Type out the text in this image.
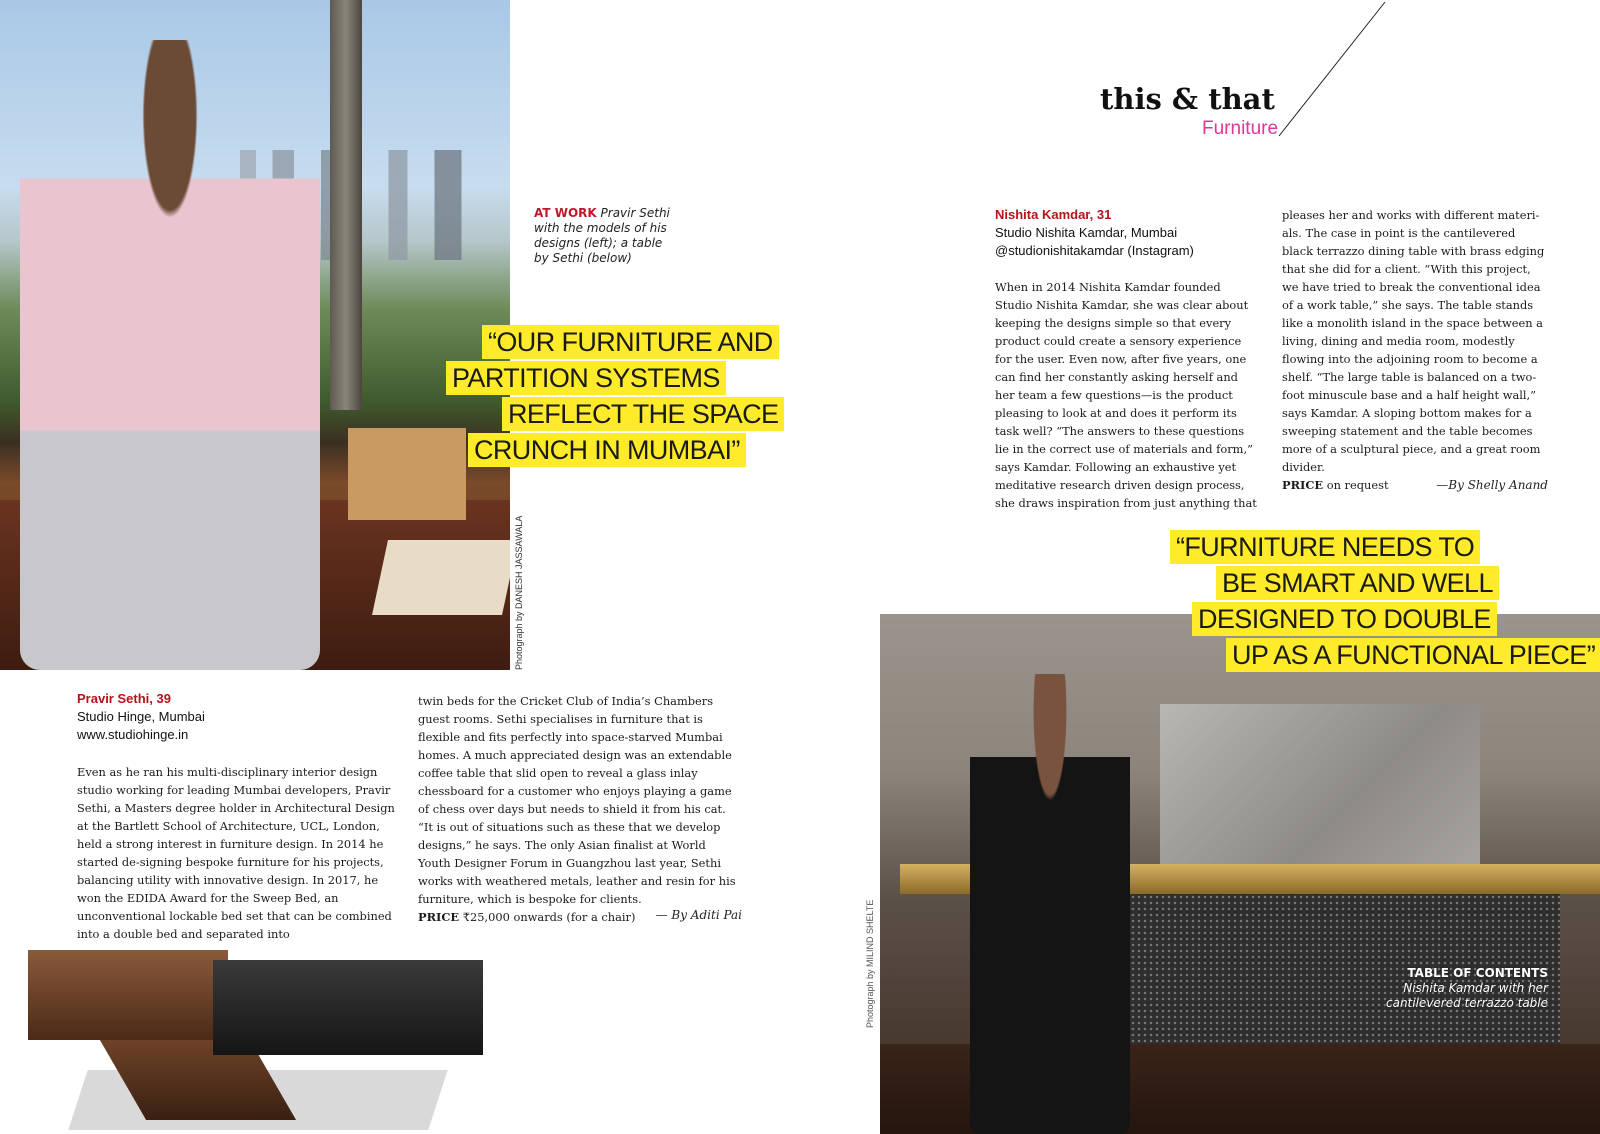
Photograph by DANESH JASSAWALA
AT WORK Pravir Sethi with the models of his designs (left); a table by Sethi (below)
“OUR FURNITURE AND
PARTITION SYSTEMS
REFLECT THE SPACE
CRUNCH IN MUMBAI”
Pravir Sethi, 39
Studio Hinge, Mumbai
www.studiohinge.in
Even as he ran his multi-disciplinary interior design studio working for leading Mumbai developers, Pravir Sethi, a Masters degree holder in Architectural Design at the Bartlett School of Architecture, UCL, London, held a strong interest in furniture design. In 2014 he started de-signing bespoke furniture for his projects, balancing utility with innovative design. In 2017, he won the EDIDA Award for the Sweep Bed, an unconventional lockable bed set that can be combined into a double bed and separated into
twin beds for the Cricket Club of India’s Chambers guest rooms. Sethi specialises in furniture that is flexible and fits perfectly into space-starved Mumbai homes. A much appreciated design was an extendable coffee table that slid open to reveal a glass inlay chessboard for a customer who enjoys playing a game of chess over days but needs to shield it from his cat. “It is out of situations such as these that we develop designs,” he says. The only Asian finalist at World Youth Designer Forum in Guangzhou last year, Sethi works with weathered metals, leather and resin for his furniture, which is bespoke for clients.
PRICE ₹25,000 onwards (for a chair)	— By Aditi Pai
this & that
Furniture
Nishita Kamdar, 31
Studio Nishita Kamdar, Mumbai
@studionishitakamdar (Instagram)
When in 2014 Nishita Kamdar founded Studio Nishita Kamdar, she was clear about keeping the designs simple so that every product could create a sensory experience for the user. Even now, after five years, one can find her constantly asking herself and her team a few questions—is the product pleasing to look at and does it perform its task well? “The answers to these questions lie in the correct use of materials and form,” says Kamdar. Following an exhaustive yet meditative research driven design process, she draws inspiration from just anything that
pleases her and works with different materi-als. The case in point is the cantilevered black terrazzo dining table with brass edging that she did for a client. “With this project, we have tried to break the conventional idea of a work table,” she says. The table stands like a monolith island in the space between a living, dining and media room, modestly flowing into the adjoining room to become a shelf. “The large table is balanced on a two-foot minuscule base and a half height wall,” says Kamdar. A sloping bottom makes for a sweeping statement and the table becomes more of a sculptural piece, and a great room divider.
PRICE on request	—By Shelly Anand
“FURNITURE NEEDS TO
BE SMART AND WELL
DESIGNED TO DOUBLE
UP AS A FUNCTIONAL PIECE”
Photograph by MILIND SHELTE	TABLE OF CONTENTS
Nishita Kamdar with her cantilevered terrazzo table
